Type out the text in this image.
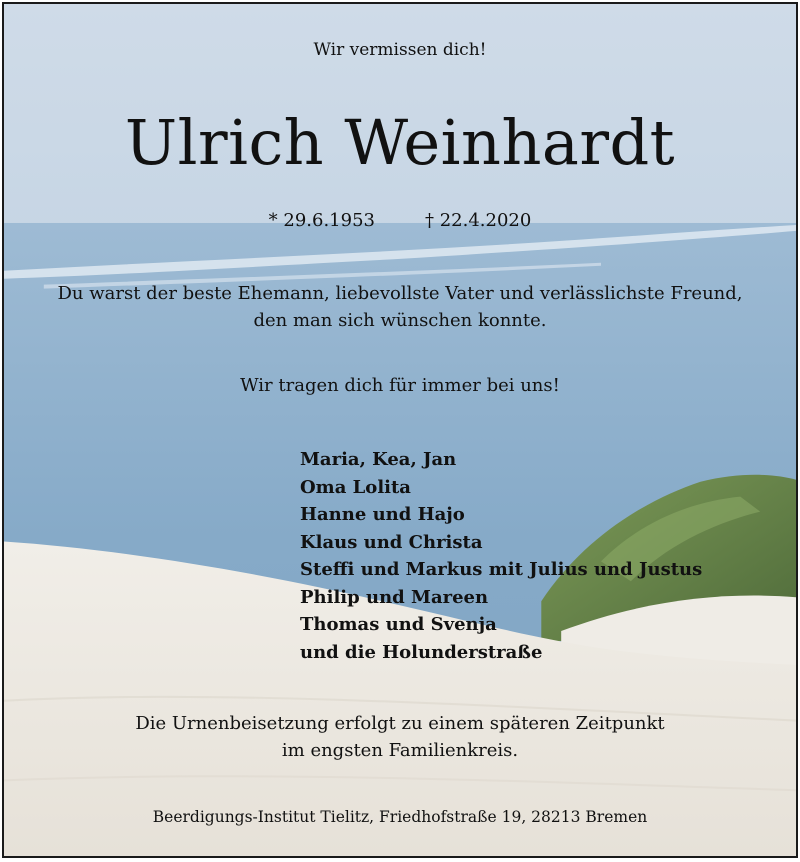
Wir vermissen dich!

Ulrich Weinhardt

* 29.6.1953	† 22.4.2020

Du warst der beste Ehemann, liebevollste Vater und verlässlichste Freund,
den man sich wünschen konnte.

Wir tragen dich für immer bei uns!

Maria, Kea, Jan
Oma Lolita
Hanne und Hajo
Klaus und Christa
Steffi und Markus mit Julius und Justus
Philip und Mareen
Thomas und Svenja
und die Holunderstraße

Die Urnenbeisetzung erfolgt zu einem späteren Zeitpunkt
im engsten Familienkreis.

Beerdigungs-Institut Tielitz, Friedhofstraße 19, 28213 Bremen
